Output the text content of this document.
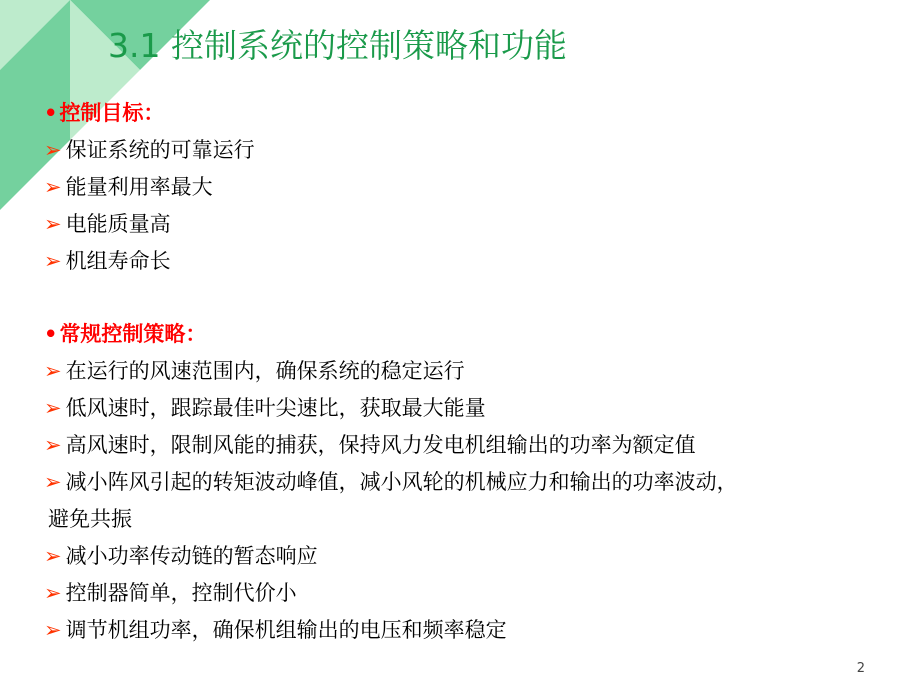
3.1 控制系统的控制策略和功能
•控制目标：
➢ 保证系统的可靠运行
➢ 能量利用率最大
➢ 电能质量高
➢ 机组寿命长
•常规控制策略：
➢ 在运行的风速范围内，确保系统的稳定运行
➢ 低风速时，跟踪最佳叶尖速比，获取最大能量
➢ 高风速时，限制风能的捕获，保持风力发电机组输出的功率为额定值
➢ 减小阵风引起的转矩波动峰值，减小风轮的机械应力和输出的功率波动，
避免共振
➢ 减小功率传动链的暂态响应
➢ 控制器简单，控制代价小
➢ 调节机组功率，确保机组输出的电压和频率稳定
2
